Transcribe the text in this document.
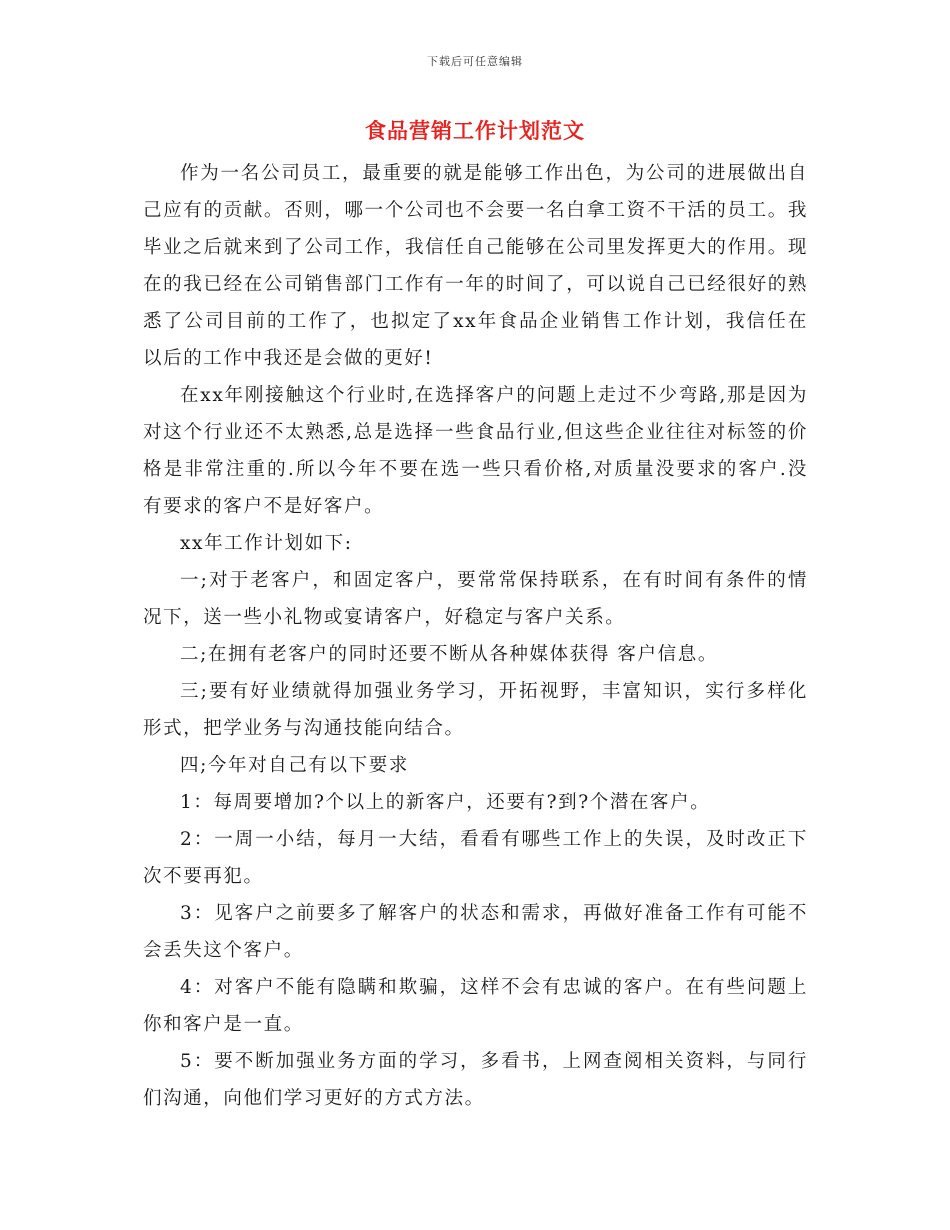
下载后可任意编辑
食品营销工作计划范文

作为一名公司员工，最重要的就是能够工作出色，为公司的进展做出自己应有的贡献。否则，哪一个公司也不会要一名白拿工资不干活的员工。我毕业之后就来到了公司工作，我信任自己能够在公司里发挥更大的作用。现在的我已经在公司销售部门工作有一年的时间了，可以说自己已经很好的熟悉了公司目前的工作了，也拟定了xx年食品企业销售工作计划，我信任在以后的工作中我还是会做的更好!

在xx年刚接触这个行业时,在选择客户的问题上走过不少弯路,那是因为对这个行业还不太熟悉,总是选择一些食品行业,但这些企业往往对标签的价格是非常注重的.所以今年不要在选一些只看价格,对质量没要求的客户.没有要求的客户不是好客户。

xx年工作计划如下:

一;对于老客户，和固定客户，要常常保持联系，在有时间有条件的情况下，送一些小礼物或宴请客户，好稳定与客户关系。

二;在拥有老客户的同时还要不断从各种媒体获得 客户信息。

三;要有好业绩就得加强业务学习，开拓视野，丰富知识，实行多样化形式，把学业务与沟通技能向结合。

四;今年对自己有以下要求

1：每周要增加?个以上的新客户，还要有?到?个潜在客户。

2：一周一小结，每月一大结，看看有哪些工作上的失误，及时改正下次不要再犯。

3：见客户之前要多了解客户的状态和需求，再做好准备工作有可能不会丢失这个客户。

4：对客户不能有隐瞒和欺骗，这样不会有忠诚的客户。在有些问题上你和客户是一直。

5：要不断加强业务方面的学习，多看书，上网查阅相关资料，与同行们沟通，向他们学习更好的方式方法。
